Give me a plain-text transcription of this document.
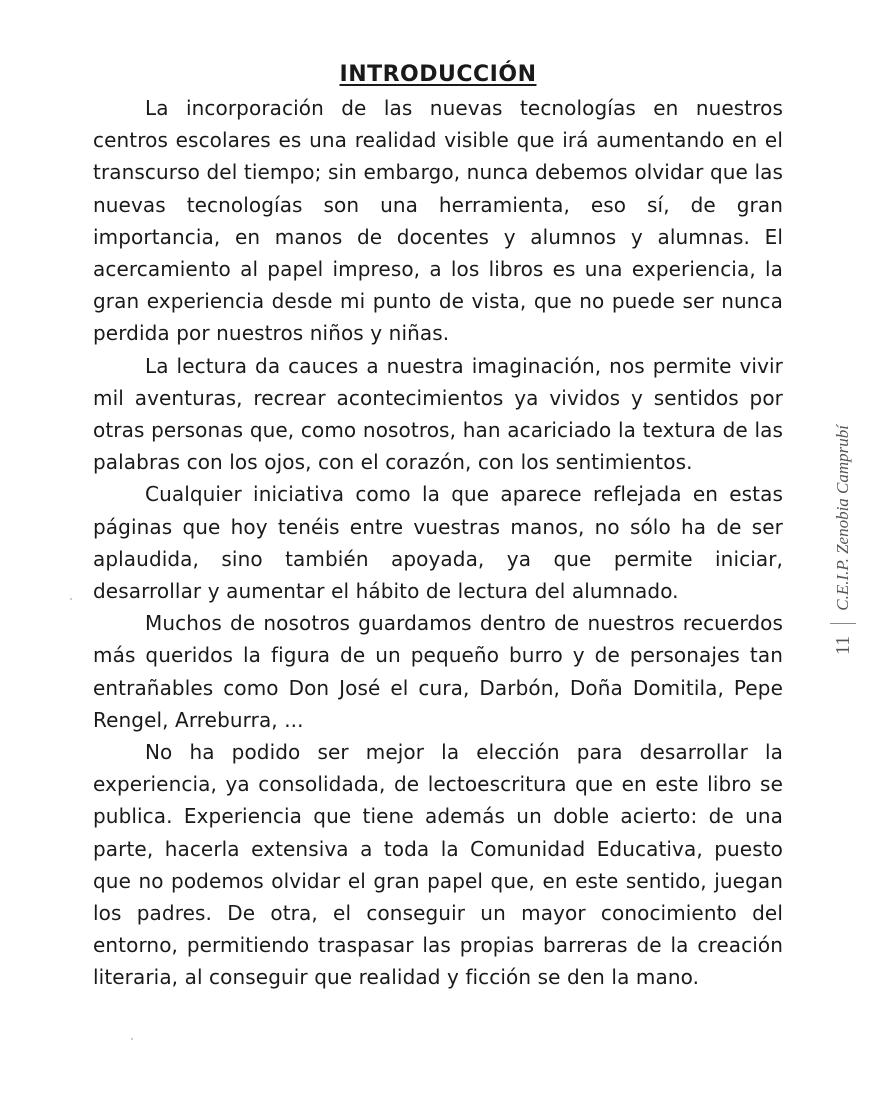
INTRODUCCIÓN

La incorporación de las nuevas tecnologías en nuestros centros escolares es una realidad visible que irá aumentando en el transcurso del tiempo; sin embargo, nunca debemos olvidar que las nuevas tecnologías son una herramienta, eso sí, de gran importancia, en manos de docentes y alumnos y alumnas. El acercamiento al papel impreso, a los libros es una experiencia, la gran experiencia desde mi punto de vista, que no puede ser nunca perdida por nuestros niños y niñas.

La lectura da cauces a nuestra imaginación, nos permite vivir mil aventuras, recrear acontecimientos ya vividos y sentidos por otras personas que, como nosotros, han acariciado la textura de las palabras con los ojos, con el corazón, con los sentimientos.

Cualquier iniciativa como la que aparece reflejada en estas páginas que hoy tenéis entre vuestras manos, no sólo ha de ser aplaudida, sino también apoyada, ya que permite iniciar, desarrollar y aumentar el hábito de lectura del alumnado.

Muchos de nosotros guardamos dentro de nuestros recuerdos más queridos la figura de un pequeño burro y de personajes tan entrañables como Don José el cura, Darbón, Doña Domitila, Pepe Rengel, Arreburra, ...

No ha podido ser mejor la elección para desarrollar la experiencia, ya consolidada, de lectoescritura que en este libro se publica. Experiencia que tiene además un doble acierto: de una parte, hacerla extensiva a toda la Comunidad Educativa, puesto que no podemos olvidar el gran papel que, en este sentido, juegan los padres. De otra, el conseguir un mayor conocimiento del entorno, permitiendo traspasar las propias barreras de la creación literaria, al conseguir que realidad y ficción se den la mano.

11
C.E.I.P. Zenobia Camprubí
